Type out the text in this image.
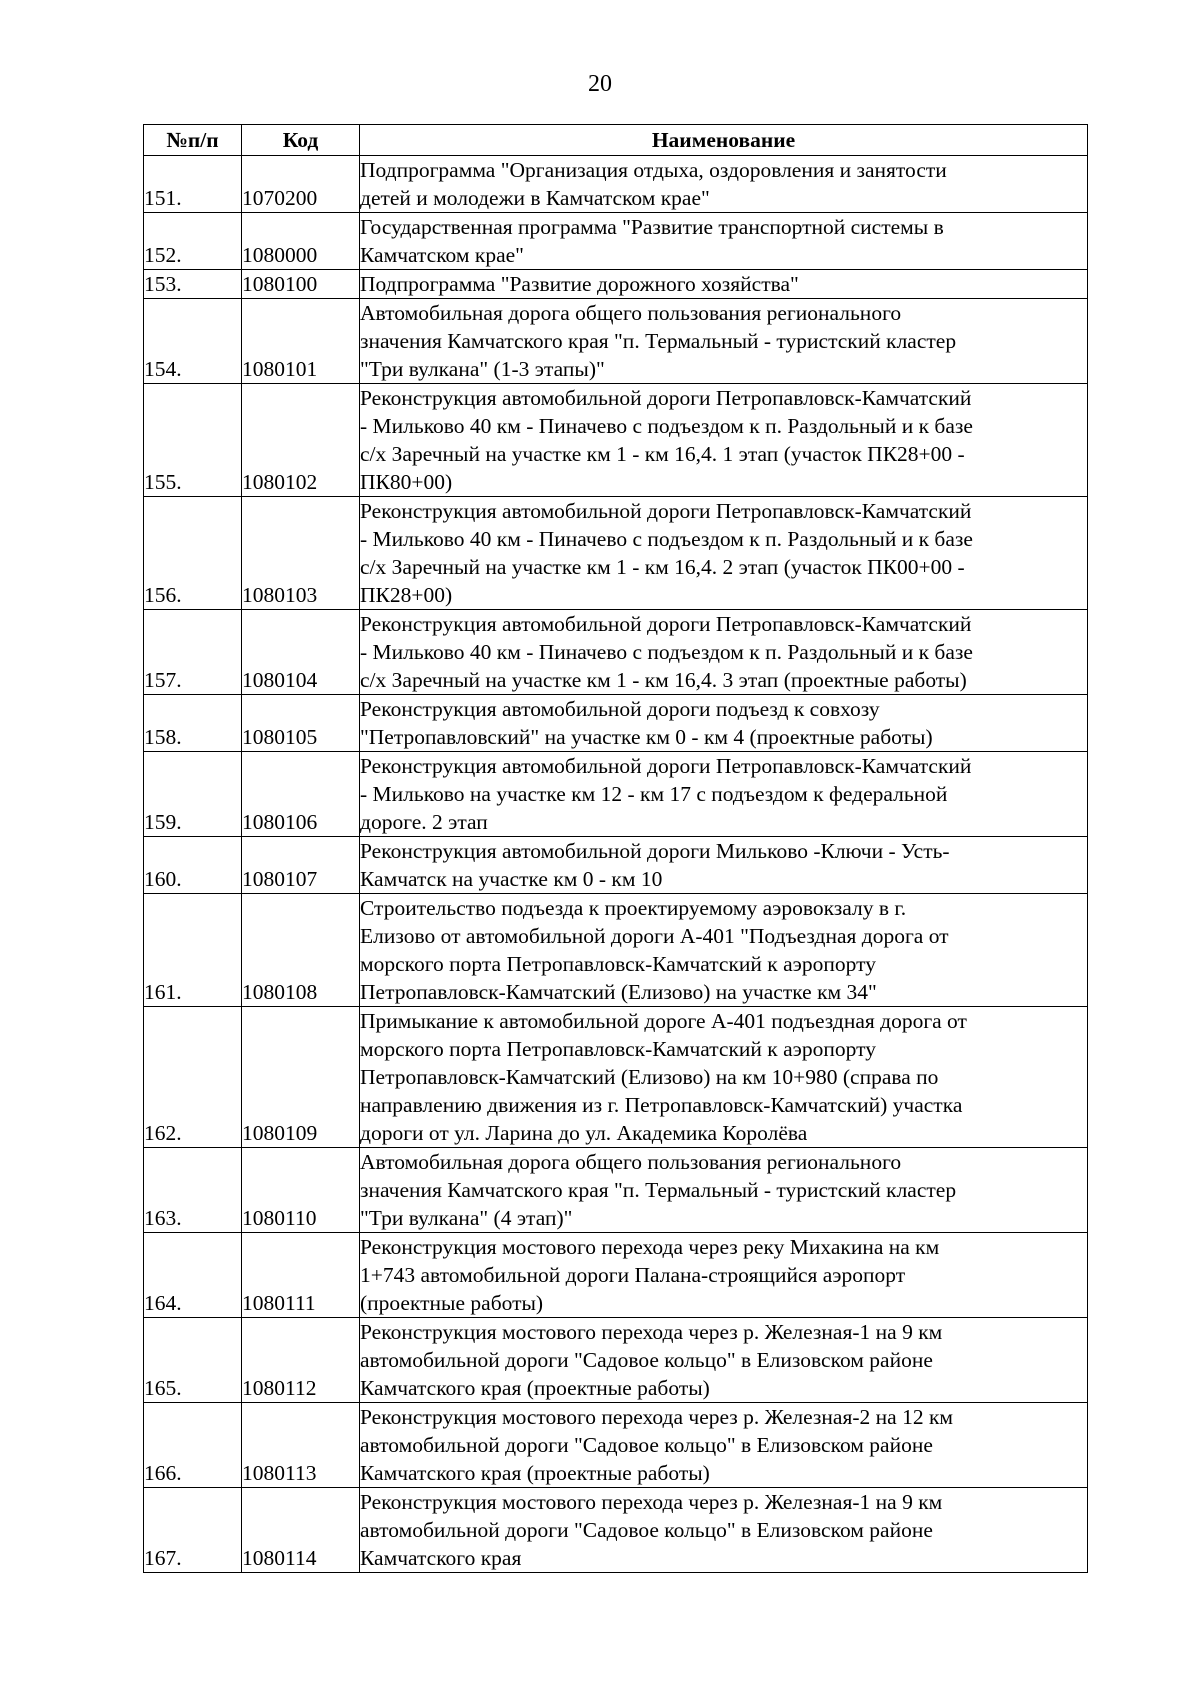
20
№п/п	Код	Наименование
151.	1070200	Подпрограмма "Организация отдыха, оздоровления и занятости
детей и молодежи в Камчатском крае"

152.	1080000	Государственная программа "Развитие транспортной системы в
Камчатском крае"

153.	1080100	Подпрограмма "Развитие дорожного хозяйства"

154.	1080101	Автомобильная дорога общего пользования регионального
значения Камчатского края "п. Термальный - туристский кластер
"Три вулкана" (1-3 этапы)"

155.	1080102	Реконструкция автомобильной дороги Петропавловск-Камчатский
- Мильково 40 км - Пиначево с подъездом к п. Раздольный и к базе
с/х Заречный на участке км 1 - км 16,4. 1 этап (участок ПК28+00 -
ПК80+00)

156.	1080103	Реконструкция автомобильной дороги Петропавловск-Камчатский
- Мильково 40 км - Пиначево с подъездом к п. Раздольный и к базе
с/х Заречный на участке км 1 - км 16,4. 2 этап (участок ПК00+00 -
ПК28+00)

157.	1080104	Реконструкция автомобильной дороги Петропавловск-Камчатский
- Мильково 40 км - Пиначево с подъездом к п. Раздольный и к базе
с/х Заречный на участке км 1 - км 16,4. 3 этап (проектные работы)

158.	1080105	Реконструкция автомобильной дороги подъезд к совхозу
"Петропавловский" на участке км 0 - км 4 (проектные работы)

159.	1080106	Реконструкция автомобильной дороги Петропавловск-Камчатский
- Мильково на участке км 12 - км 17 с подъездом к федеральной
дороге. 2 этап

160.	1080107	Реконструкция автомобильной дороги Мильково -Ключи - Усть-
Камчатск на участке км 0 - км 10

161.	1080108	Строительство подъезда к проектируемому аэровокзалу в г.
Елизово от автомобильной дороги А-401 "Подъездная дорога от
морского порта Петропавловск-Камчатский к аэропорту
Петропавловск-Камчатский (Елизово) на участке км 34"

162.	1080109	Примыкание к автомобильной дороге А-401 подъездная дорога от
морского порта Петропавловск-Камчатский к аэропорту
Петропавловск-Камчатский (Елизово) на км 10+980 (справа по
направлению движения из г. Петропавловск-Камчатский) участка
дороги от ул. Ларина до ул. Академика Королёва

163.	1080110	Автомобильная дорога общего пользования регионального
значения Камчатского края "п. Термальный - туристский кластер
"Три вулкана" (4 этап)"

164.	1080111	Реконструкция мостового перехода через реку Михакина на км
1+743 автомобильной дороги Палана-строящийся аэропорт
(проектные работы)

165.	1080112	Реконструкция мостового перехода через р. Железная-1 на 9 км
автомобильной дороги "Садовое кольцо" в Елизовском районе
Камчатского края (проектные работы)

166.	1080113	Реконструкция мостового перехода через р. Железная-2 на 12 км
автомобильной дороги "Садовое кольцо" в Елизовском районе
Камчатского края (проектные работы)

167.	1080114	Реконструкция мостового перехода через р. Железная-1 на 9 км
автомобильной дороги "Садовое кольцо" в Елизовском районе
Камчатского края
